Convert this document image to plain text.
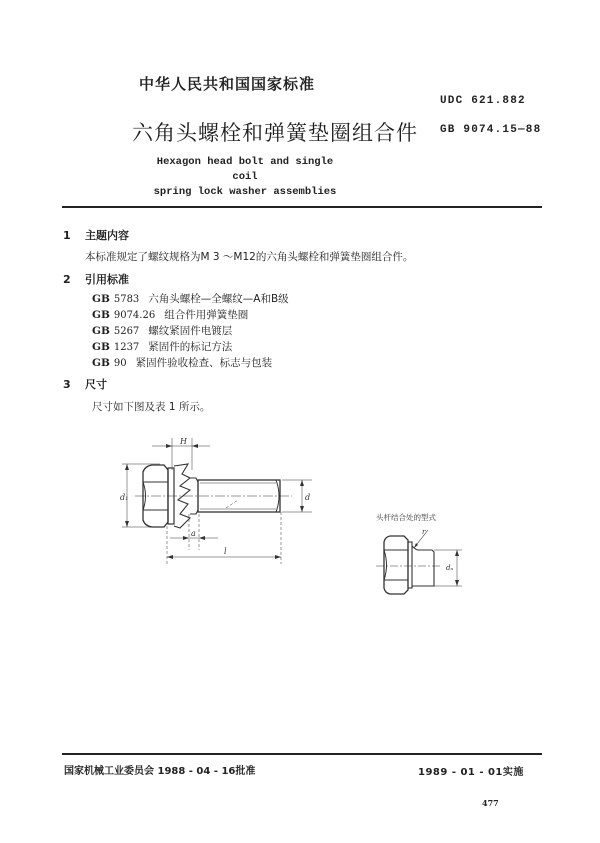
中华人民共和国国家标准
UDC 621.882
六角头螺栓和弹簧垫圈组合件 GB 9074.15—88
Hexagon head bolt and single coil
spring lock washer assemblies
1 主题内容
本标准规定了螺纹规格为M 3 ～M12的六角头螺栓和弹簧垫圈组合件。
2 引用标准
GB 5783 六角头螺栓—全螺纹—A和B级
GB 9074.26 组合件用弹簧垫圈
GB 5267 螺纹紧固件电镀层
GB 1237 紧固件的标记方法
GB 90 紧固件验收检查、标志与包装
3 尺寸
尺寸如下图及表 1 所示。
H
d₁	d
a
l
头杆结合处的型式
r
dₐ
国家机械工业委员会 1988 - 04 - 16批准	1989 - 01 - 01实施
477
